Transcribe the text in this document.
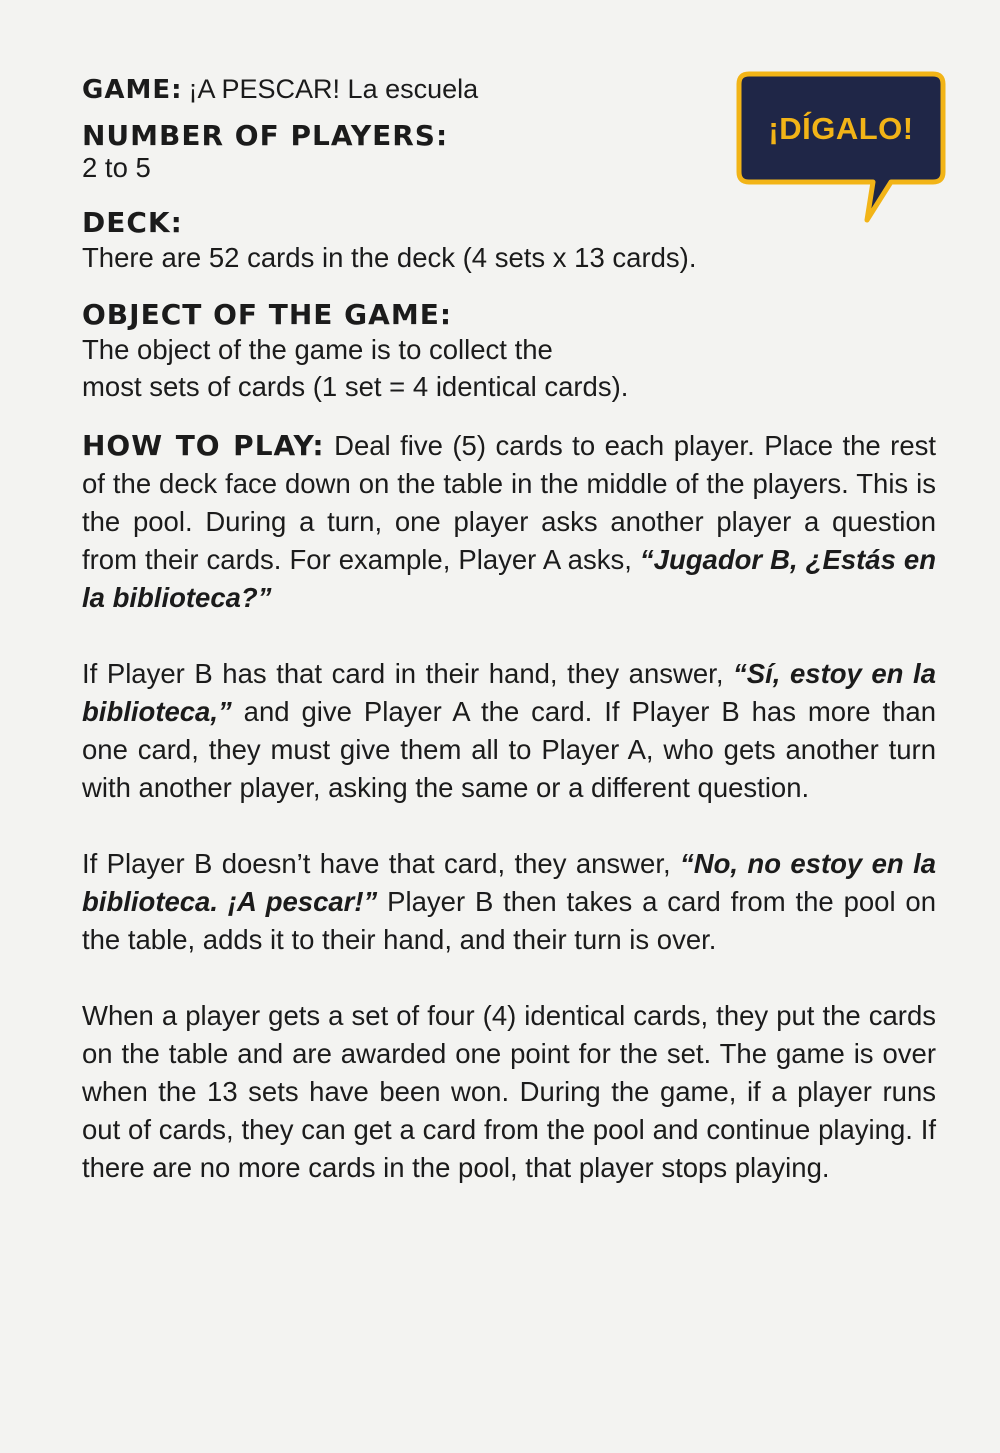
¡DÍGALO!
GAME: ¡A PESCAR! La escuela
NUMBER OF PLAYERS:
2 to 5
DECK:
There are 52 cards in the deck (4 sets x 13 cards).
OBJECT OF THE GAME:
The object of the game is to collect the
most sets of cards (1 set = 4 identical cards).

HOW TO PLAY: Deal five (5) cards to each player. Place the rest of the deck face down on the table in the middle of the players. This is the pool. During a turn, one player asks another player a question from their cards. For example, Player A asks, “Jugador B, ¿Estás en la biblioteca?”

If Player B has that card in their hand, they answer, “Sí, estoy en la biblioteca,” and give Player A the card. If Player B has more than one card, they must give them all to Player A, who gets another turn with another player, asking the same or a different question.

If Player B doesn’t have that card, they answer, “No, no estoy en la biblioteca. ¡A pescar!” Player B then takes a card from the pool on the table, adds it to their hand, and their turn is over.

When a player gets a set of four (4) identical cards, they put the cards on the table and are awarded one point for the set. The game is over when the 13 sets have been won. During the game, if a player runs out of cards, they can get a card from the pool and continue playing. If there are no more cards in the pool, that player stops playing.
